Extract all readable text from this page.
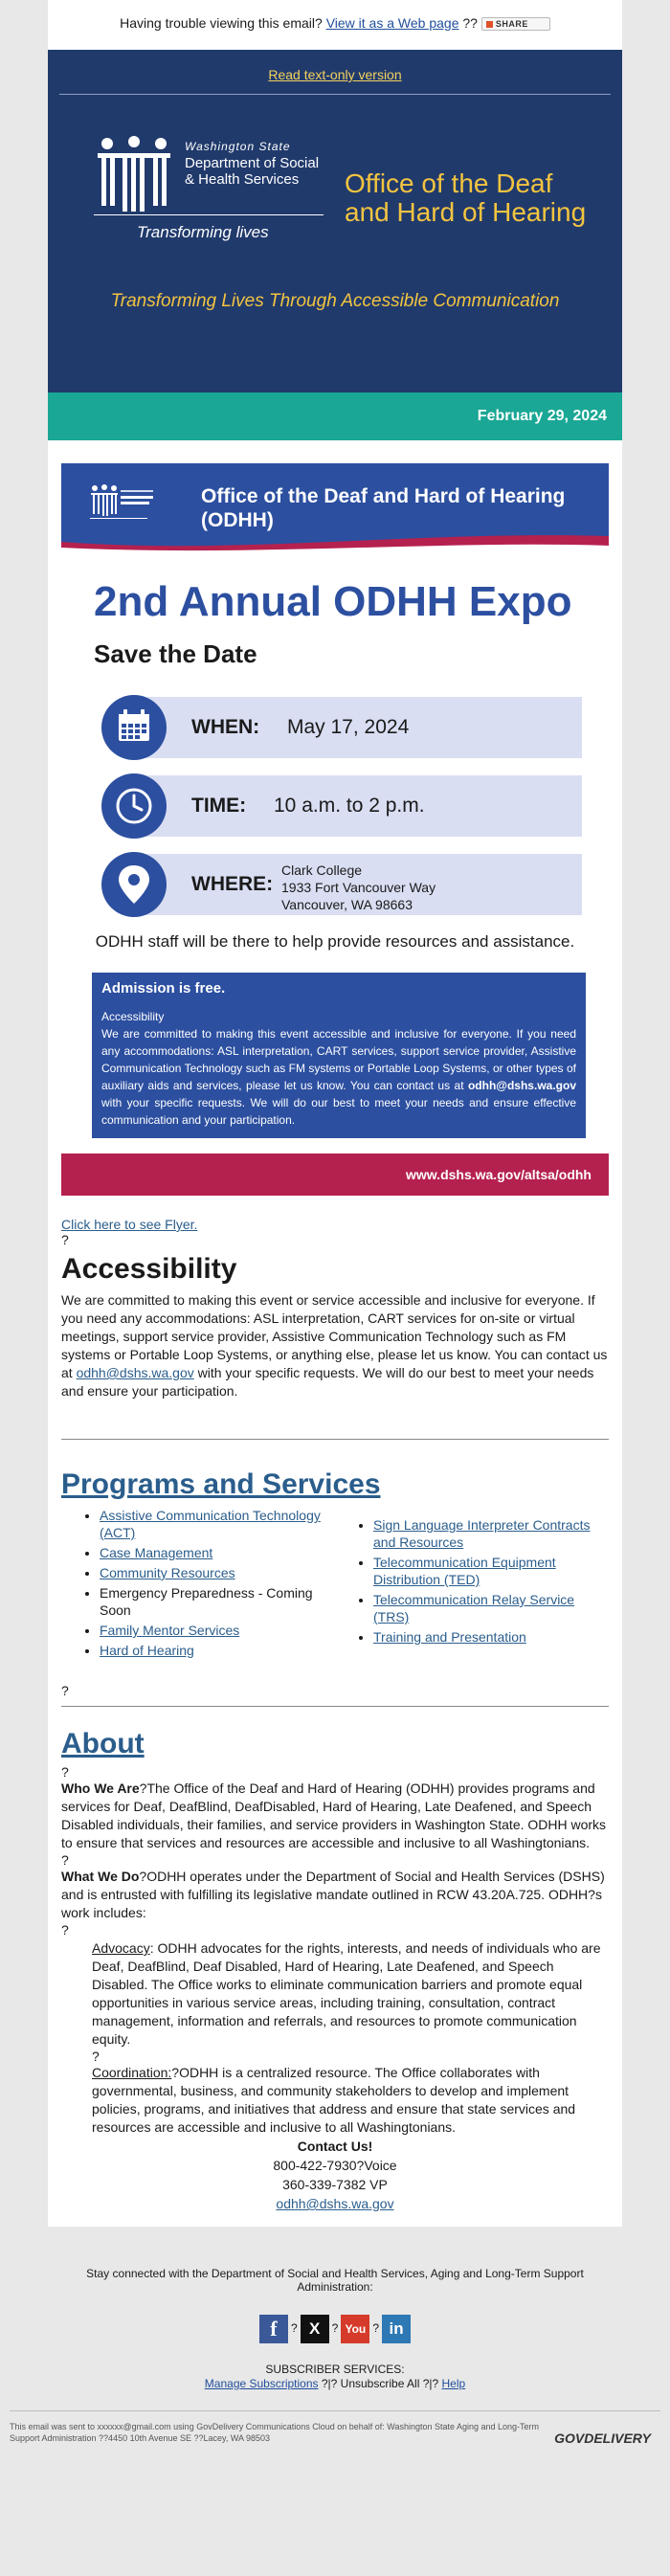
Having trouble viewing this email? View it as a Web page ?? SHARE
Read text-only version
Washington State
Department of Social
& Health Services
Transforming lives
Office of the Deaf
and Hard of Hearing
Transforming Lives Through Accessible Communication
February 29, 2024
Office of the Deaf and Hard of Hearing (ODHH)
2nd Annual ODHH Expo
Save the Date
WHEN: May 17, 2024
TIME: 10 a.m. to 2 p.m.
WHERE:
Clark College
1933 Fort Vancouver Way
Vancouver, WA 98663
ODHH staff will be there to help provide resources and assistance.
Admission is free.
Accessibility
We are committed to making this event accessible and inclusive for everyone. If you need any accommodations: ASL interpretation, CART services, support service provider, Assistive Communication Technology such as FM systems or Portable Loop Systems, or other types of auxiliary aids and services, please let us know. You can contact us at odhh@dshs.wa.gov with your specific requests. We will do our best to meet your needs and ensure effective communication and your participation.
www.dshs.wa.gov/altsa/odhh
Click here to see Flyer.
?
Accessibility

We are committed to making this event or service accessible and inclusive for everyone. If you need any accommodations: ASL interpretation, CART services for on-site or virtual meetings, support service provider, Assistive Communication Technology such as FM systems or Portable Loop Systems, or anything else, please let us know. You can contact us at odhh@dshs.wa.gov with your specific requests. We will do our best to meet your needs and ensure your participation.

Programs and Services
• Assistive Communication Technology (ACT)
• Case Management
• Community Resources
• Emergency Preparedness - Coming Soon
• Family Mentor Services
• Hard of Hearing
• Sign Language Interpreter Contracts and Resources
• Telecommunication Equipment Distribution (TED)
• Telecommunication Relay Service (TRS)
• Training and Presentation
?
About
?

Who We Are?The Office of the Deaf and Hard of Hearing (ODHH) provides programs and services for Deaf, DeafBlind, DeafDisabled, Hard of Hearing, Late Deafened, and Speech Disabled individuals, their families, and service providers in Washington State. ODHH works to ensure that services and resources are accessible and inclusive to all Washingtonians.

?

What We Do?ODHH operates under the Department of Social and Health Services (DSHS) and is entrusted with fulfilling its legislative mandate outlined in RCW 43.20A.725. ODHH?s work includes:

?

Advocacy: ODHH advocates for the rights, interests, and needs of individuals who are Deaf, DeafBlind, Deaf Disabled, Hard of Hearing, Late Deafened, and Speech Disabled. The Office works to eliminate communication barriers and promote equal opportunities in various service areas, including training, consultation, contract management, information and referrals, and resources to promote communication equity.

?

Coordination:?ODHH is a centralized resource. The Office collaborates with governmental, business, and community stakeholders to develop and implement policies, programs, and initiatives that address and ensure that state services and resources are accessible and inclusive to all Washingtonians.

Contact Us!
800-422-7930?Voice
360-339-7382 VP
odhh@dshs.wa.gov
Stay connected with the Department of Social and Health Services, Aging and Long-Term Support Administration:
f ? X ? You ? in
SUBSCRIBER SERVICES:
Manage Subscriptions ?|? Unsubscribe All ?|? Help
This email was sent to xxxxxx@gmail.com using GovDelivery Communications Cloud on behalf of: Washington State Aging and Long-Term Support Administration ??4450 10th Avenue SE ??Lacey, WA 98503	GOVDELIVERY
